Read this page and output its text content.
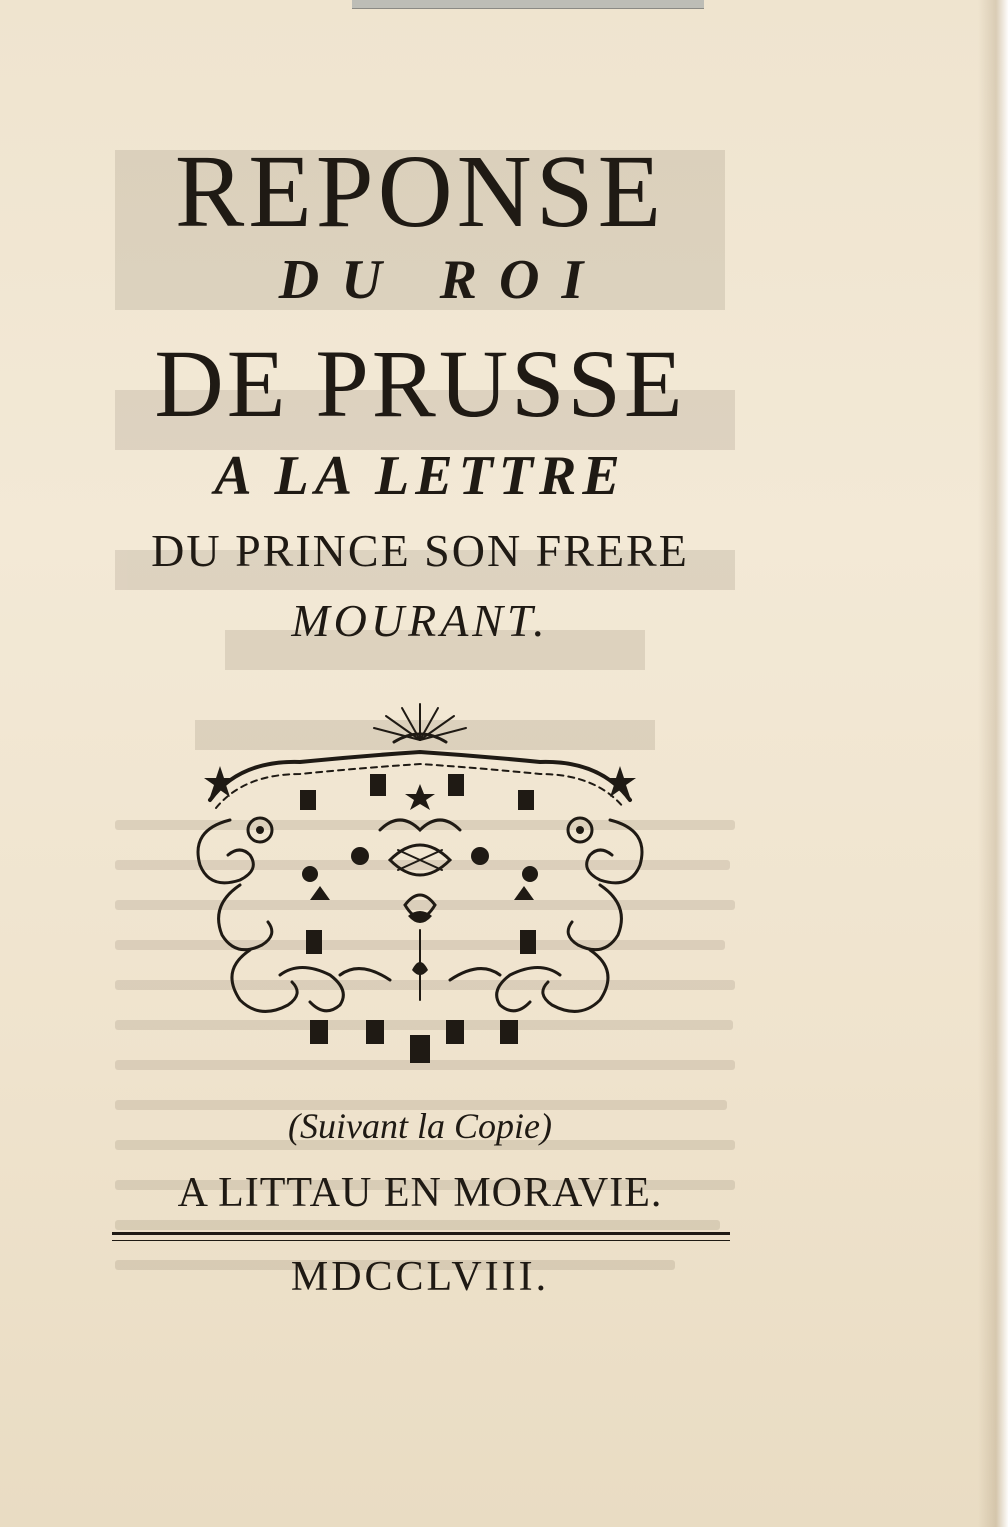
REPONSE
DU ROI
DE PRUSSE
A LA LETTRE
DU PRINCE SON FRERE
MOURANT.
(Suivant la Copie)
A LITTAU EN MORAVIE.
MDCCLVIII.
